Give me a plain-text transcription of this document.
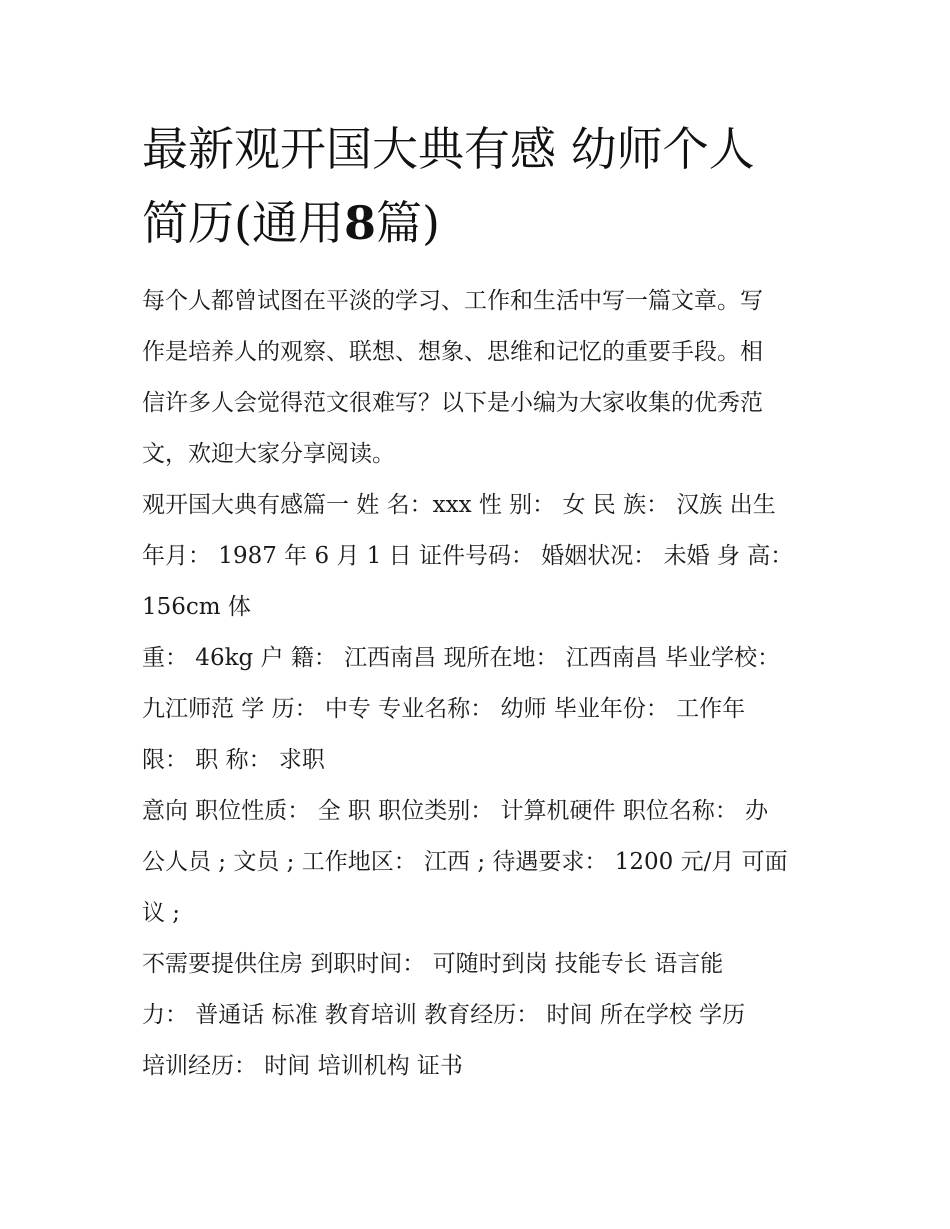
最新观开国大典有感 幼师个人
简历(通用8篇)

每个人都曾试图在平淡的学习、工作和生活中写一篇文章。写
作是培养人的观察、联想、想象、思维和记忆的重要手段。相
信许多人会觉得范文很难写？以下是小编为大家收集的优秀范
文，欢迎大家分享阅读。

观开国大典有感篇一 姓 名：xxx 性 别： 女 民 族： 汉族 出生
年月： 1987 年 6 月 1 日 证件号码： 婚姻状况： 未婚 身 高：
156cm 体

重： 46kg 户 籍： 江西南昌 现所在地： 江西南昌 毕业学校：
九江师范 学 历： 中专 专业名称： 幼师 毕业年份： 工作年
限： 职 称： 求职

意向 职位性质： 全 职 职位类别： 计算机硬件 职位名称： 办
公人员 ; 文员 ; 工作地区： 江西 ; 待遇要求： 1200 元/月 可面
议 ;

不需要提供住房 到职时间： 可随时到岗 技能专长 语言能
力： 普通话 标准 教育培训 教育经历： 时间 所在学校 学历
培训经历： 时间 培训机构 证书
